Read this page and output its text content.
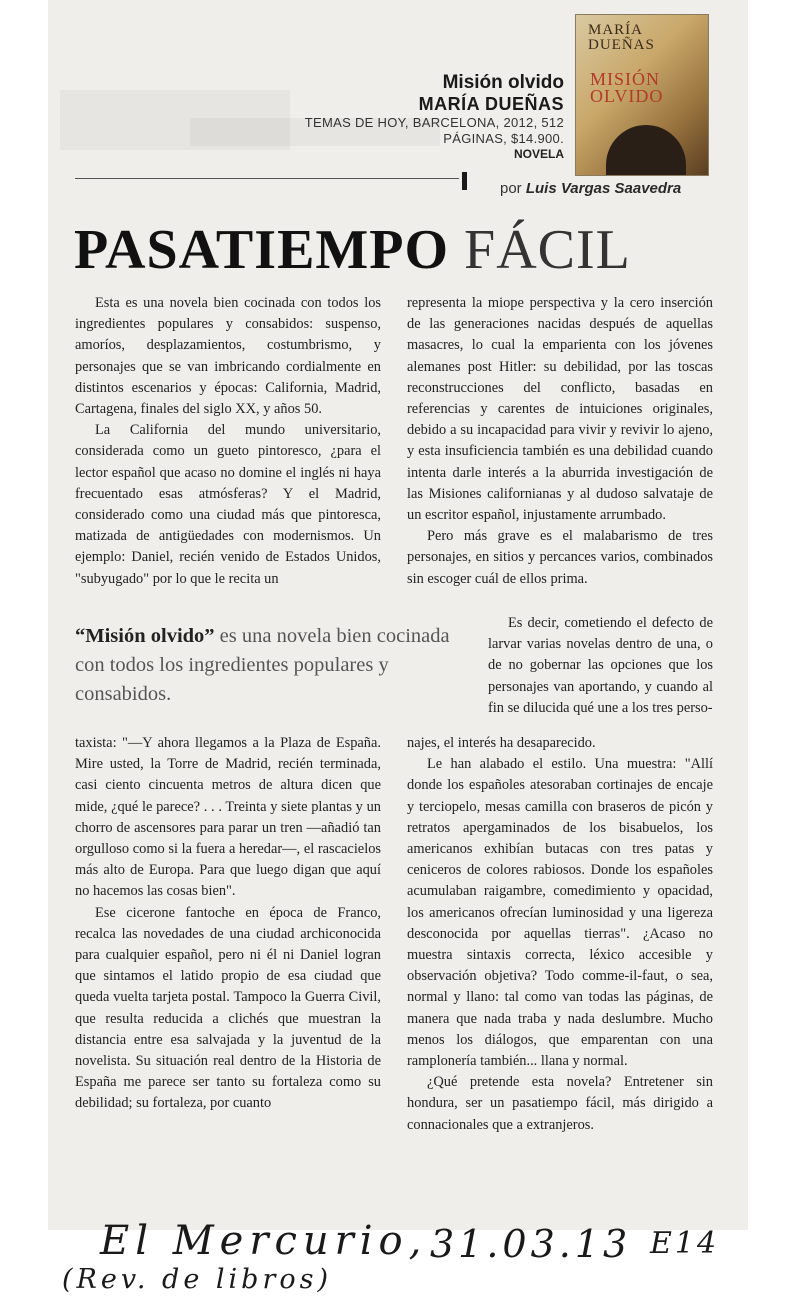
Misión olvido
MARÍA DUEÑAS
TEMAS DE HOY, BARCELONA, 2012, 512
PÁGINAS, $14.900.
NOVELA
MARÍA
DUEÑAS
MISIÓN
OLVIDO
por Luis Vargas Saavedra
PASATIEMPO FÁCIL

Esta es una novela bien cocinada con todos los ingredientes populares y consabidos: suspenso, amoríos, desplazamientos, costumbrismo, y personajes que se van imbricando cordialmente en distintos escenarios y épocas: California, Madrid, Cartagena, finales del siglo XX, y años 50.

La California del mundo universitario, considerada como un gueto pintoresco, ¿para el lector español que acaso no domine el inglés ni haya frecuentado esas atmósferas? Y el Madrid, considerado como una ciudad más que pintoresca, matizada de antigüedades con modernismos. Un ejemplo: Daniel, recién venido de Estados Unidos, "subyugado" por lo que le recita un

representa la miope perspectiva y la cero inserción de las generaciones nacidas después de aquellas masacres, lo cual la emparienta con los jóvenes alemanes post Hitler: su debilidad, por las toscas reconstrucciones del conflicto, basadas en referencias y carentes de intuiciones originales, debido a su incapacidad para vivir y revivir lo ajeno, y esta insuficiencia también es una debilidad cuando intenta darle interés a la aburrida investigación de las Misiones californianas y al dudoso salvataje de un escritor español, injustamente arrumbado.

Pero más grave es el malabarismo de tres personajes, en sitios y percances varios, combinados sin escoger cuál de ellos prima.

“Misión olvido” es una novela bien cocinada con todos los ingredientes populares y consabidos.

Es decir, cometiendo el defecto de larvar varias novelas dentro de una, o de no gobernar las opciones que los personajes van aportando, y cuando al fin se dilucida qué une a los tres perso-

taxista: "—Y ahora llegamos a la Plaza de España. Mire usted, la Torre de Madrid, recién terminada, casi ciento cincuenta metros de altura dicen que mide, ¿qué le parece? . . . Treinta y siete plantas y un chorro de ascensores para parar un tren —añadió tan orgulloso como si la fuera a heredar—, el rascacielos más alto de Europa. Para que luego digan que aquí no hacemos las cosas bien".

Ese cicerone fantoche en época de Franco, recalca las novedades de una ciudad archiconocida para cualquier español, pero ni él ni Daniel logran que sintamos el latido propio de esa ciudad que queda vuelta tarjeta postal. Tampoco la Guerra Civil, que resulta reducida a clichés que muestran la distancia entre esa salvajada y la juventud de la novelista. Su situación real dentro de la Historia de España me parece ser tanto su fortaleza como su debilidad; su fortaleza, por cuanto

najes, el interés ha desaparecido.

Le han alabado el estilo. Una muestra: "Allí donde los españoles atesoraban cortinajes de encaje y terciopelo, mesas camilla con braseros de picón y retratos apergaminados de los bisabuelos, los americanos exhibían butacas con tres patas y ceniceros de colores rabiosos. Donde los españoles acumulaban raigambre, comedimiento y opacidad, los americanos ofrecían luminosidad y una ligereza desconocida por aquellas tierras". ¿Acaso no muestra sintaxis correcta, léxico accesible y observación objetiva? Todo comme-il-faut, o sea, normal y llano: tal como van todas las páginas, de manera que nada traba y nada deslumbre. Mucho menos los diálogos, que emparentan con una ramplonería también... llana y normal.

¿Qué pretende esta novela? Entretener sin hondura, ser un pasatiempo fácil, más dirigido a connacionales que a extranjeros.

El Mercurio, 31.03.13 E14
(Rev. de libros)
